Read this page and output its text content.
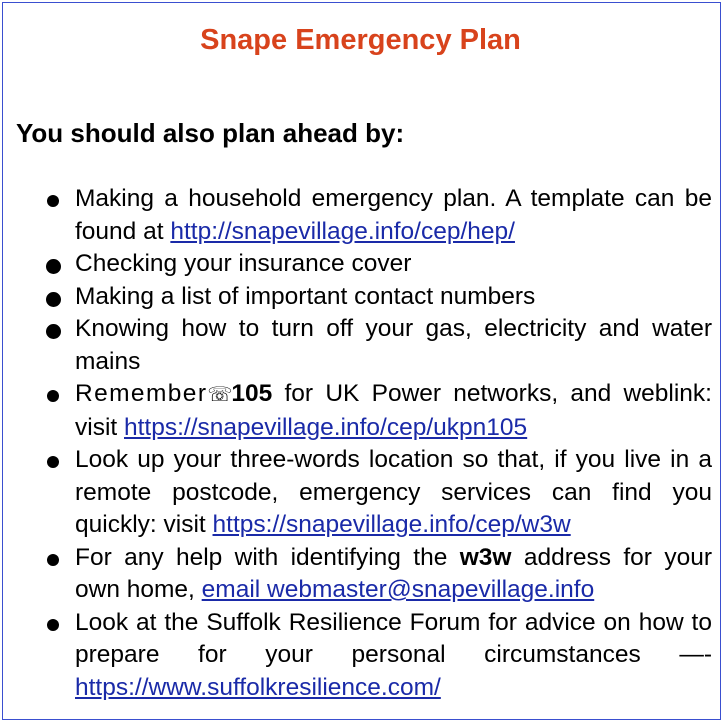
Snape Emergency Plan
You should also plan ahead by:
Making a household emergency plan. A template can be found at http://snapevillage.info/cep/hep/
Checking your insurance cover
Making a list of important contact numbers
Knowing how to turn off your gas, electricity and water mains
Remember☏105 for UK Power networks, and weblink: visit https://snapevillage.info/cep/ukpn105
Look up your three-words location so that, if you live in a remote postcode, emergency services can find you quickly: visit https://snapevillage.info/cep/w3w
For any help with identifying the w3w address for your own home, email webmaster@snapevillage.info
Look at the Suffolk Resilience Forum for advice on how to prepare for your personal circumstances —- https://www.suffolkresilience.com/
